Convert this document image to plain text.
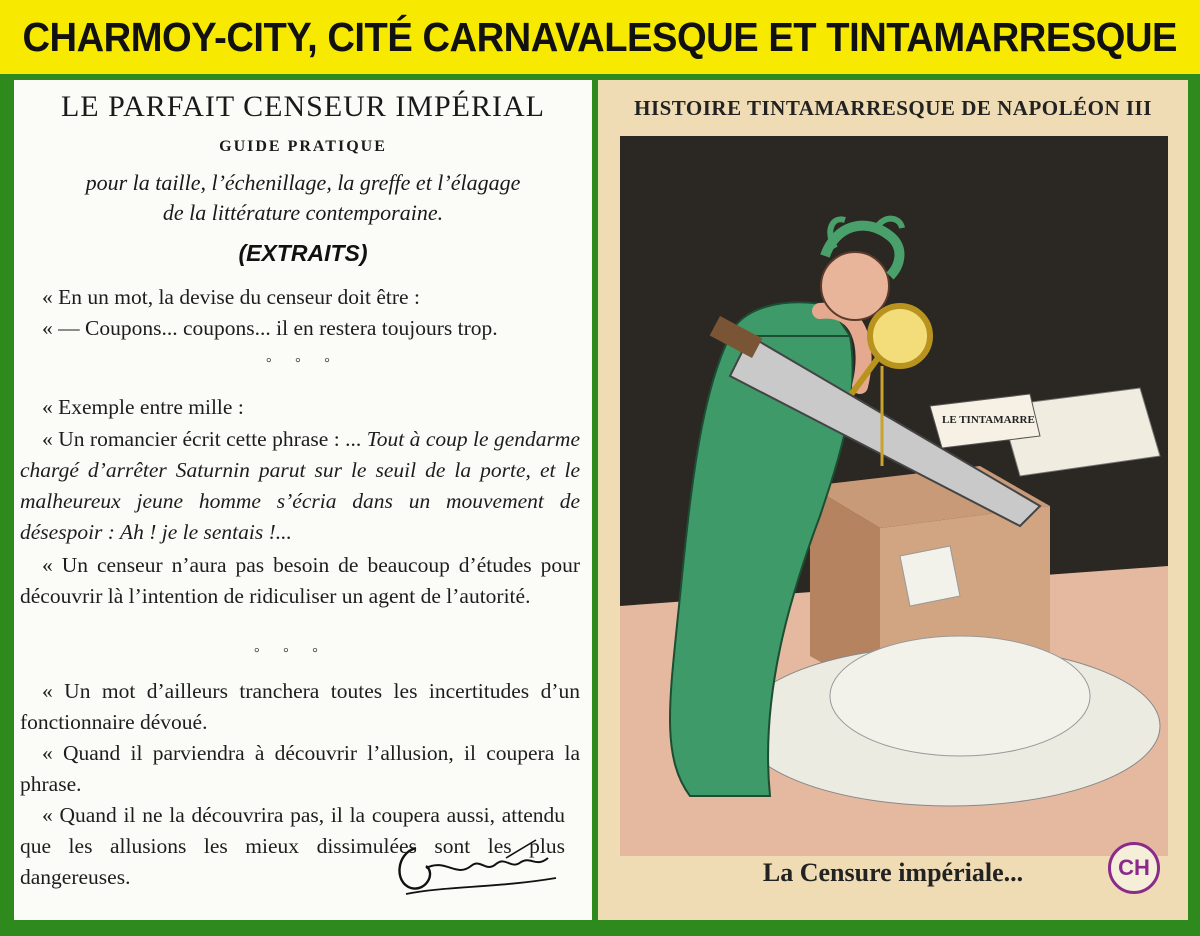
CHARMOY-CITY, CITÉ CARNAVALESQUE ET TINTAMARRESQUE
LE PARFAIT CENSEUR IMPÉRIAL
GUIDE PRATIQUE
pour la taille, l’échenillage, la greffe et l’élagage
de la littérature contemporaine.
(EXTRAITS)
« En un mot, la devise du censeur doit être :
« — Coupons... coupons... il en restera toujours trop.
° ° °
« Exemple entre mille :
« Un romancier écrit cette phrase : ... Tout à coup le gendarme chargé d’arrêter Saturnin parut sur le seuil de la porte, et le malheureux jeune homme s’écria dans un mouvement de désespoir : Ah ! je le sentais !...
« Un censeur n’aura pas besoin de beaucoup d’études pour découvrir là l’intention de ridiculiser un agent de l’autorité.
° ° °
« Un mot d’ailleurs tranchera toutes les incertitudes d’un fonctionnaire dévoué.
« Quand il parviendra à découvrir l’allusion, il coupera la phrase.
« Quand il ne la découvrira pas, il la coupera aussi, attendu que les allusions les mieux dissimulées sont les plus dangereuses.
HISTOIRE TINTAMARRESQUE DE NAPOLÉON III
LE TINTAMARRE
La Censure impériale...	CH
